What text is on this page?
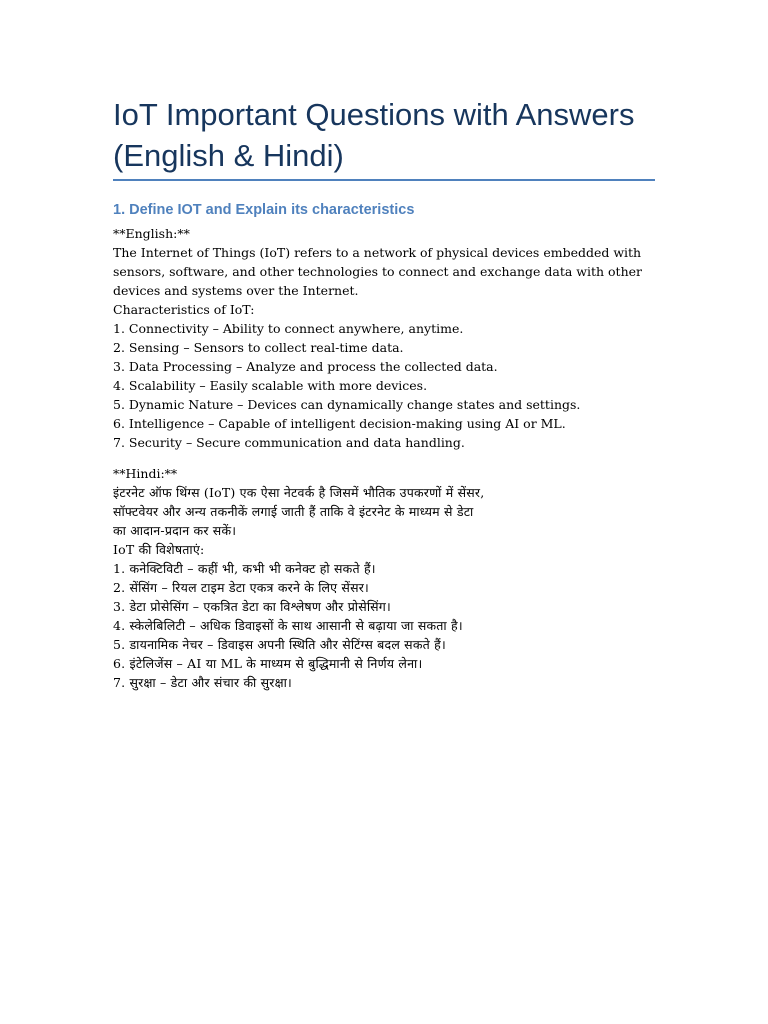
IoT Important Questions with Answers (English & Hindi)
1. Define IOT and Explain its characteristics
**English:**
The Internet of Things (IoT) refers to a network of physical devices embedded with sensors, software, and other technologies to connect and exchange data with other devices and systems over the Internet.
Characteristics of IoT:
1. Connectivity – Ability to connect anywhere, anytime.
2. Sensing – Sensors to collect real-time data.
3. Data Processing – Analyze and process the collected data.
4. Scalability – Easily scalable with more devices.
5. Dynamic Nature – Devices can dynamically change states and settings.
6. Intelligence – Capable of intelligent decision-making using AI or ML.
7. Security – Secure communication and data handling.
**Hindi:**
इंटरनेट ऑफ थिंग्स (IoT) एक ऐसा नेटवर्क है जिसमें भौतिक उपकरणों में सेंसर,
सॉफ्टवेयर और अन्य तकनीकें लगाई जाती हैं ताकि वे इंटरनेट के माध्यम से डेटा
का आदान-प्रदान कर सकें।
IoT की विशेषताएं:
1. कनेक्टिविटी – कहीं भी, कभी भी कनेक्ट हो सकते हैं।
2. सेंसिंग – रियल टाइम डेटा एकत्र करने के लिए सेंसर।
3. डेटा प्रोसेसिंग – एकत्रित डेटा का विश्लेषण और प्रोसेसिंग।
4. स्केलेबिलिटी – अधिक डिवाइसों के साथ आसानी से बढ़ाया जा सकता है।
5. डायनामिक नेचर – डिवाइस अपनी स्थिति और सेटिंग्स बदल सकते हैं।
6. इंटेलिजेंस – AI या ML के माध्यम से बुद्धिमानी से निर्णय लेना।
7. सुरक्षा – डेटा और संचार की सुरक्षा।
